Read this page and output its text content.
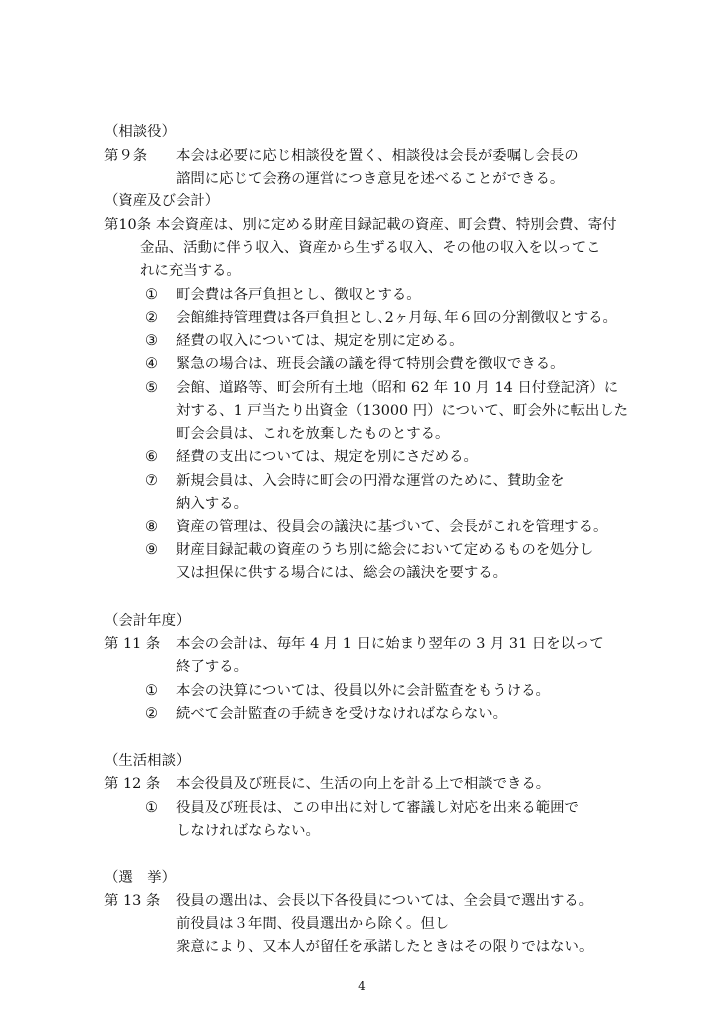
（相談役）
第９条 本会は必要に応じ相談役を置く、相談役は会長が委嘱し会長の
諮問に応じて会務の運営につき意見を述べることができる。
（資産及び会計）
第10条 本会資産は、別に定める財産目録記載の資産、町会費、特別会費、寄付
金品、活動に伴う収入、資産から生ずる収入、その他の収入を以ってこ
れに充当する。
① 町会費は各戸負担とし、徴収とする。
② 会館維持管理費は各戸負担とし､2ヶ月毎､年６回の分割徴収とする。
③ 経費の収入については、規定を別に定める。
④ 緊急の場合は、班長会議の議を得て特別会費を徴収できる。
⑤ 会館、道路等、町会所有土地（昭和 62 年 10 月 14 日付登記済）に
対する、1 戸当たり出資金（13000 円）について、町会外に転出した
町会会員は、これを放棄したものとする。
⑥ 経費の支出については、規定を別にさだめる。
⑦ 新規会員は、入会時に町会の円滑な運営のために、賛助金を
納入する。
⑧ 資産の管理は、役員会の議決に基づいて、会長がこれを管理する。
⑨ 財産目録記載の資産のうち別に総会において定めるものを処分し
又は担保に供する場合には、総会の議決を要する。
（会計年度）
第 11 条 本会の会計は、毎年 4 月 1 日に始まり翌年の 3 月 31 日を以って
終了する。
① 本会の決算については、役員以外に会計監査をもうける。
② 続べて会計監査の手続きを受けなければならない。
（生活相談）
第 12 条 本会役員及び班長に、生活の向上を計る上で相談できる。
① 役員及び班長は、この申出に対して審議し対応を出来る範囲で
しなければならない。
（選　挙）
第 13 条 役員の選出は、会長以下各役員については、全会員で選出する。
前役員は３年間、役員選出から除く。但し
衆意により、又本人が留任を承諾したときはその限りではない。
4
